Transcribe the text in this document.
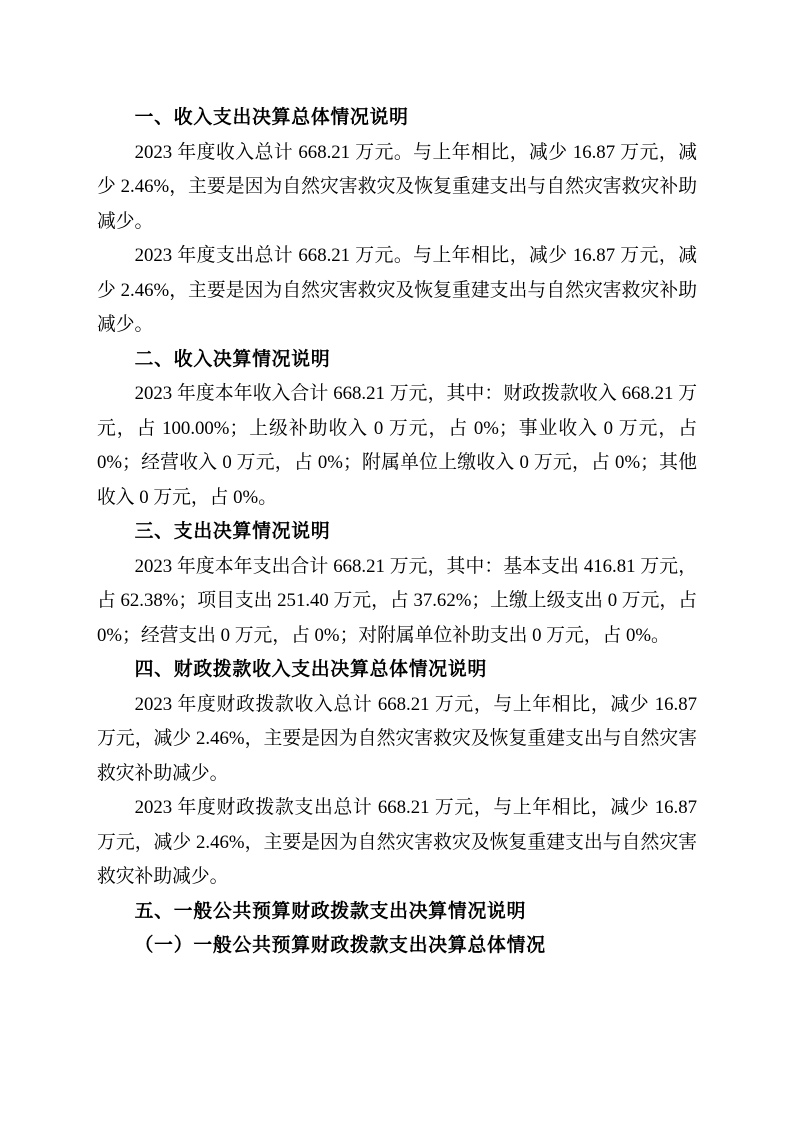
一、收入支出决算总体情况说明

2023 年度收入总计 668.21 万元。与上年相比，减少 16.87 万元，减少 2.46%，主要是因为自然灾害救灾及恢复重建支出与自然灾害救灾补助减少。

2023 年度支出总计 668.21 万元。与上年相比，减少 16.87 万元，减少 2.46%，主要是因为自然灾害救灾及恢复重建支出与自然灾害救灾补助减少。

二、收入决算情况说明

2023 年度本年收入合计 668.21 万元，其中：财政拨款收入 668.21 万元，占 100.00%；上级补助收入 0 万元，占 0%；事业收入 0 万元，占 0%；经营收入 0 万元，占 0%；附属单位上缴收入 0 万元，占 0%；其他收入 0 万元，占 0%。

三、支出决算情况说明

2023 年度本年支出合计 668.21 万元，其中：基本支出 416.81 万元，占 62.38%；项目支出 251.40 万元，占 37.62%；上缴上级支出 0 万元，占 0%；经营支出 0 万元，占 0%；对附属单位补助支出 0 万元，占 0%。

四、财政拨款收入支出决算总体情况说明

2023 年度财政拨款收入总计 668.21 万元，与上年相比，减少 16.87 万元，减少 2.46%，主要是因为自然灾害救灾及恢复重建支出与自然灾害救灾补助减少。

2023 年度财政拨款支出总计 668.21 万元，与上年相比，减少 16.87 万元，减少 2.46%，主要是因为自然灾害救灾及恢复重建支出与自然灾害救灾补助减少。

五、一般公共预算财政拨款支出决算情况说明
（一）一般公共预算财政拨款支出决算总体情况
